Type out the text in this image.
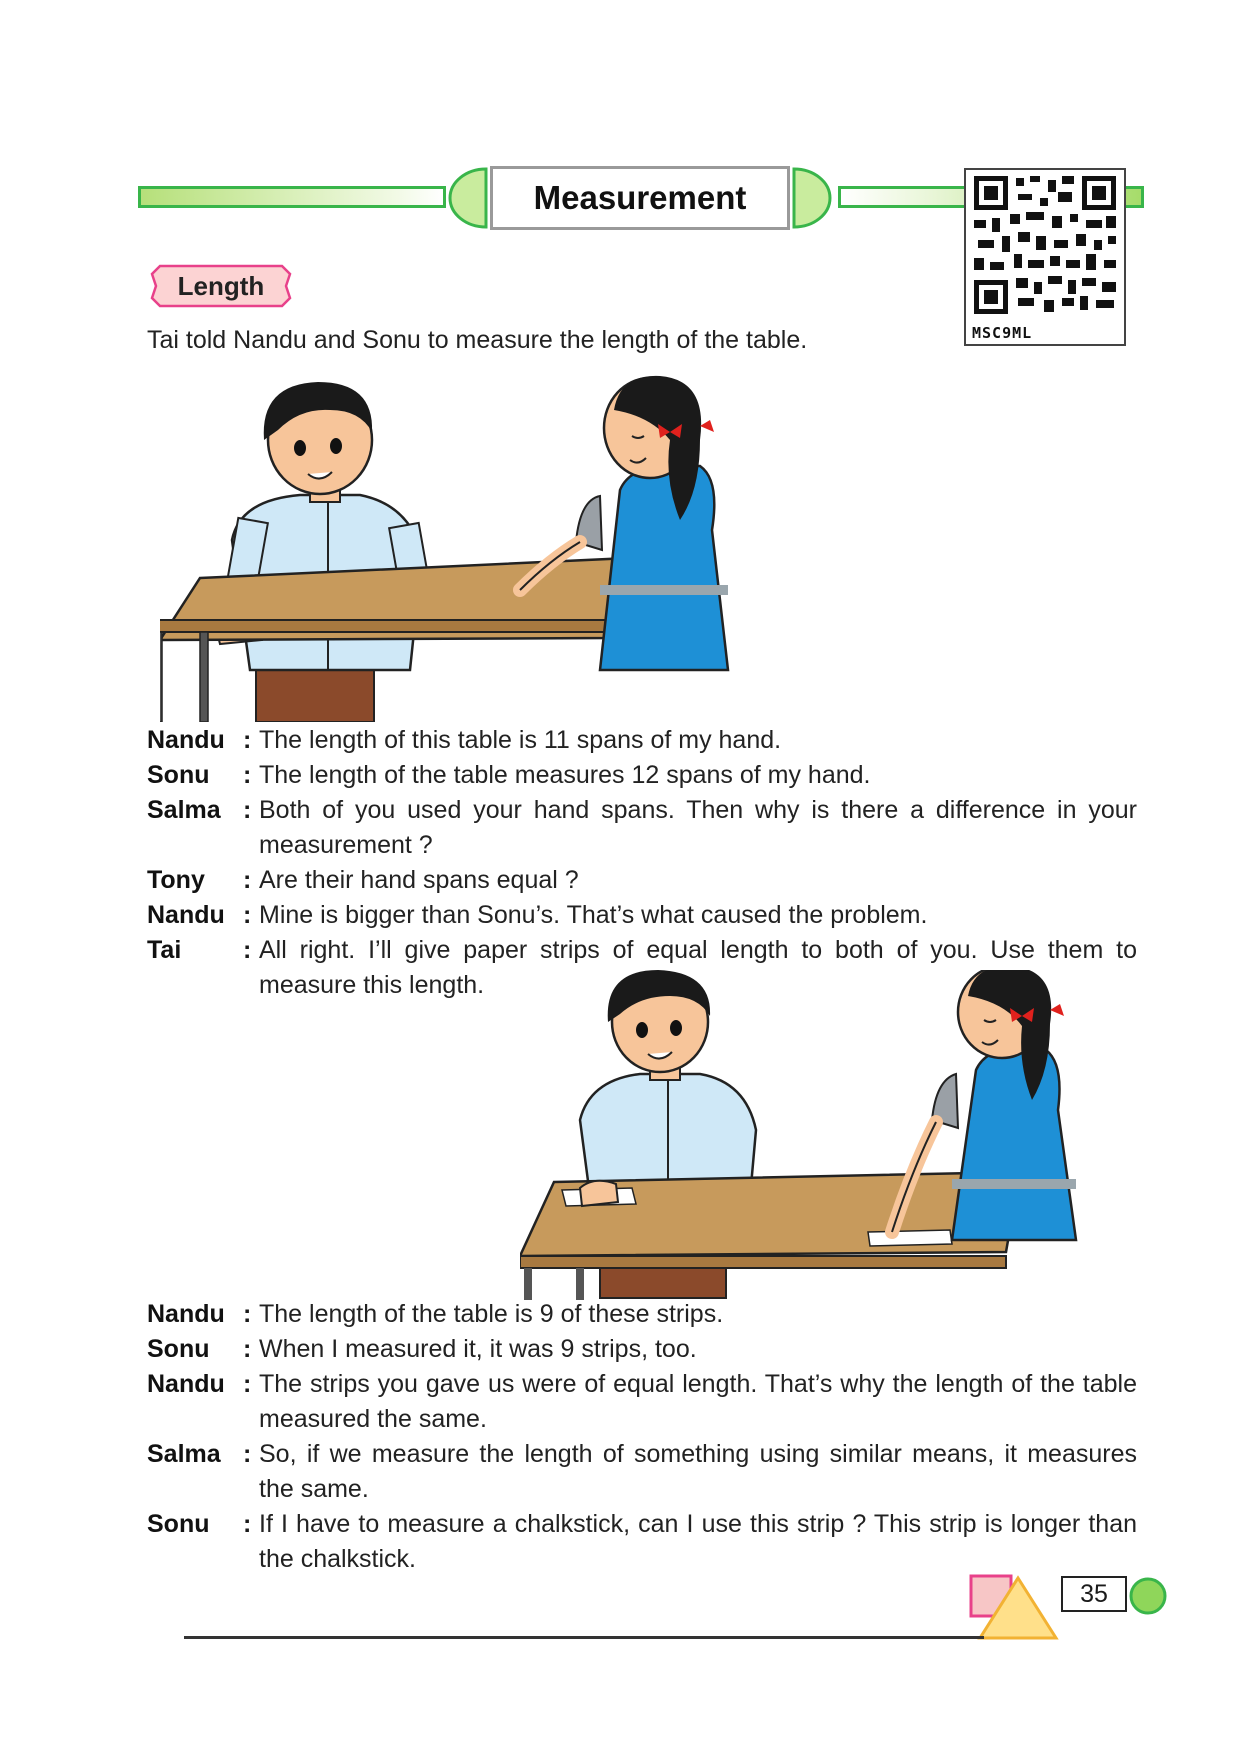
Measurement
MSC9ML
Length
Tai told Nandu and Sonu to measure the length of the table.
Nandu : The length of this table is 11 spans of my hand.
Sonu	: The length of the table measures 12 spans of my hand.
Salma : Both of you used your hand spans. Then why is there a difference in your measurement ?
Tony	: Are their hand spans equal ?
Nandu : Mine is bigger than Sonu’s. That’s what caused the problem.
Tai	: All right. I’ll give paper strips of equal length to both of you. Use them to measure this length.
Nandu : The length of the table is 9 of these strips.
Sonu	: When I measured it, it was 9 strips, too.
Nandu : The strips you gave us were of equal length. That’s why the length of the table measured the same.
Salma : So, if we measure the length of something using similar means, it measures the same.
Sonu	: If I have to measure a chalkstick, can I use this strip ? This strip is longer than the chalkstick.
35
